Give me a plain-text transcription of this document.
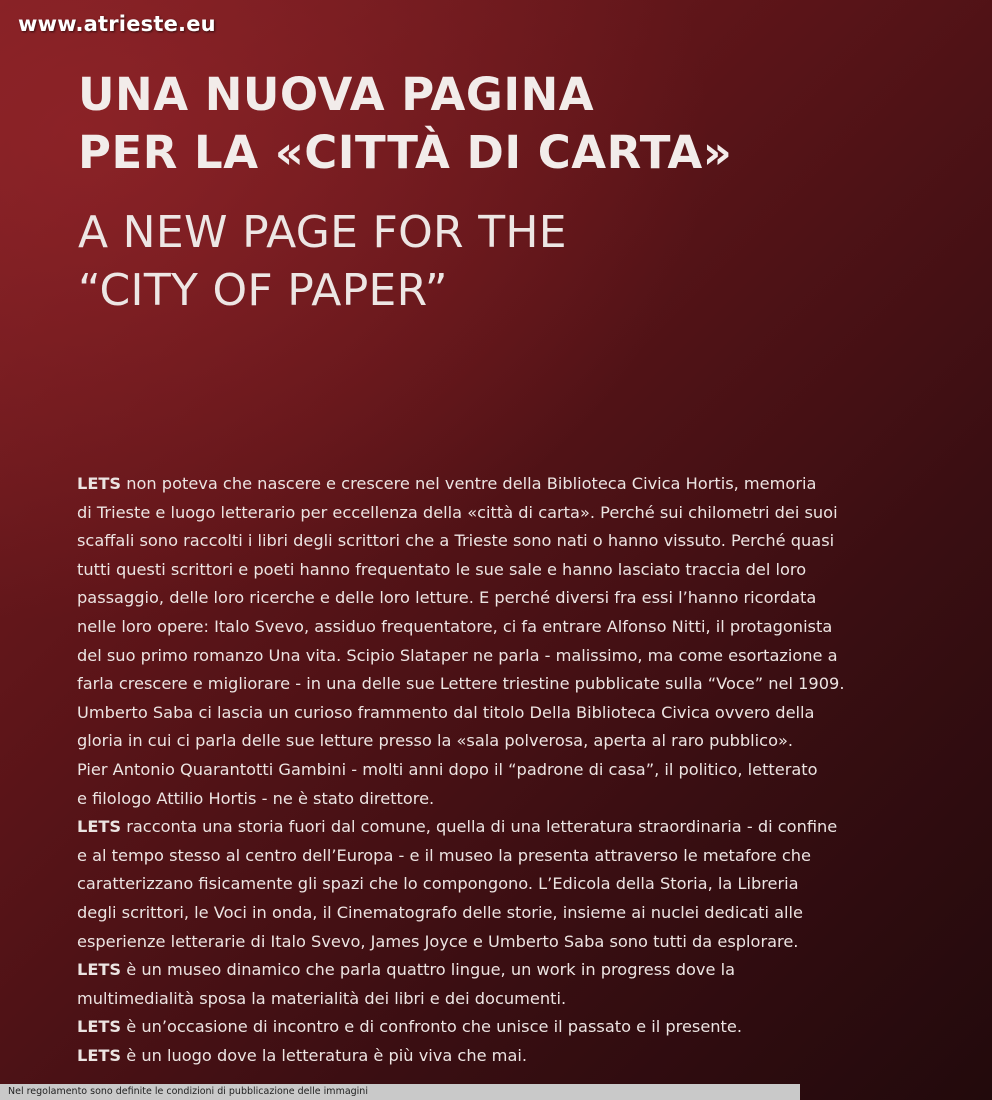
www.atrieste.eu
UNA NUOVA PAGINA
PER LA «CITTÀ DI CARTA»
A NEW PAGE FOR THE
“CITY OF PAPER”
LETS non poteva che nascere e crescere nel ventre della Biblioteca Civica Hortis, memoria
di Trieste e luogo letterario per eccellenza della «città di carta». Perché sui chilometri dei suoi
scaffali sono raccolti i libri degli scrittori che a Trieste sono nati o hanno vissuto. Perché quasi
tutti questi scrittori e poeti hanno frequentato le sue sale e hanno lasciato traccia del loro
passaggio, delle loro ricerche e delle loro letture. E perché diversi fra essi l’hanno ricordata
nelle loro opere: Italo Svevo, assiduo frequentatore, ci fa entrare Alfonso Nitti, il protagonista
del suo primo romanzo Una vita. Scipio Slataper ne parla - malissimo, ma come esortazione a
farla crescere e migliorare - in una delle sue Lettere triestine pubblicate sulla “Voce” nel 1909.
Umberto Saba ci lascia un curioso frammento dal titolo Della Biblioteca Civica ovvero della
gloria in cui ci parla delle sue letture presso la «sala polverosa, aperta al raro pubblico».
Pier Antonio Quarantotti Gambini - molti anni dopo il “padrone di casa”, il politico, letterato
e filologo Attilio Hortis - ne è stato direttore.
LETS racconta una storia fuori dal comune, quella di una letteratura straordinaria - di confine
e al tempo stesso al centro dell’Europa - e il museo la presenta attraverso le metafore che
caratterizzano fisicamente gli spazi che lo compongono. L’Edicola della Storia, la Libreria
degli scrittori, le Voci in onda, il Cinematografo delle storie, insieme ai nuclei dedicati alle
esperienze letterarie di Italo Svevo, James Joyce e Umberto Saba sono tutti da esplorare.
LETS è un museo dinamico che parla quattro lingue, un work in progress dove la
multimedialità sposa la materialità dei libri e dei documenti.
LETS è un’occasione di incontro e di confronto che unisce il passato e il presente.
LETS è un luogo dove la letteratura è più viva che mai.
Nel regolamento sono definite le condizioni di pubblicazione delle immagini
